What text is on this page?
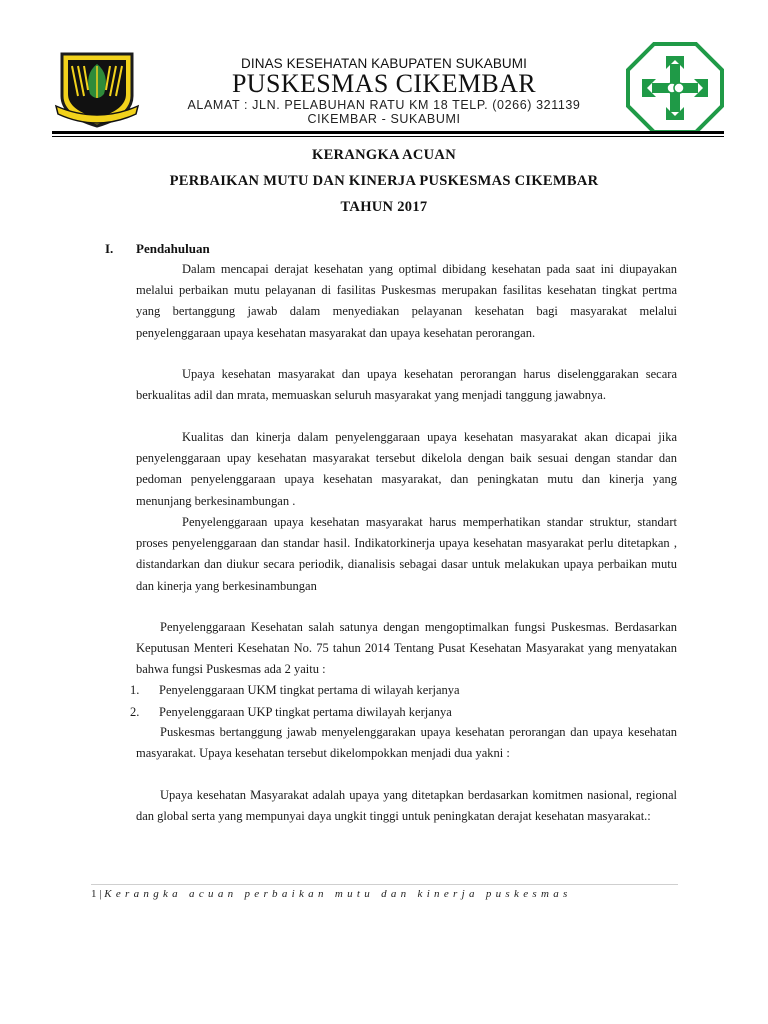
DINAS KESEHATAN KABUPATEN SUKABUMI
PUSKESMAS CIKEMBAR
ALAMAT : JLN. PELABUHAN RATU KM 18 TELP. (0266) 321139
CIKEMBAR - SUKABUMI
KERANGKA ACUAN
PERBAIKAN MUTU DAN KINERJA PUSKESMAS CIKEMBAR
TAHUN 2017
I. Pendahuluan

Dalam mencapai derajat kesehatan yang optimal dibidang kesehatan pada saat ini diupayakan melalui perbaikan mutu pelayanan di fasilitas Puskesmas merupakan fasilitas kesehatan tingkat pertma yang bertanggung jawab dalam menyediakan pelayanan kesehatan bagi masyarakat melalui penyelenggaraan upaya kesehatan masyarakat dan upaya kesehatan perorangan.

Upaya kesehatan masyarakat dan upaya kesehatan perorangan harus diselenggarakan secara berkualitas adil dan mrata, memuaskan seluruh masyarakat yang menjadi tanggung jawabnya.

Kualitas dan kinerja dalam penyelenggaraan upaya kesehatan masyarakat akan dicapai jika penyelenggaraan upay kesehatan masyarakat tersebut dikelola dengan baik sesuai dengan standar dan pedoman penyelenggaraan upaya kesehatan masyarakat, dan peningkatan mutu dan kinerja yang menunjang berkesinambungan .

Penyelenggaraan upaya kesehatan masyarakat harus memperhatikan standar struktur, standart proses penyelenggaraan dan standar hasil. Indikatorkinerja upaya kesehatan masyarakat perlu ditetapkan , distandarkan dan diukur secara periodik, dianalisis sebagai dasar untuk melakukan upaya perbaikan mutu dan kinerja yang berkesinambungan

Penyelenggaraan Kesehatan salah satunya dengan mengoptimalkan fungsi Puskesmas. Berdasarkan Keputusan Menteri Kesehatan No. 75 tahun 2014 Tentang Pusat Kesehatan Masyarakat yang menyatakan bahwa fungsi Puskesmas ada 2 yaitu :

1. Penyelenggaraan UKM tingkat pertama di wilayah kerjanya
2. Penyelenggaraan UKP tingkat pertama diwilayah kerjanya

Puskesmas bertanggung jawab menyelenggarakan upaya kesehatan perorangan dan upaya kesehatan masyarakat. Upaya kesehatan tersebut dikelompokkan menjadi dua yakni :

Upaya kesehatan Masyarakat adalah upaya yang ditetapkan berdasarkan komitmen nasional, regional dan global serta yang mempunyai daya ungkit tinggi untuk peningkatan derajat kesehatan masyarakat.:

1 | Kerangka acuan perbaikan mutu dan kinerja puskesmas
